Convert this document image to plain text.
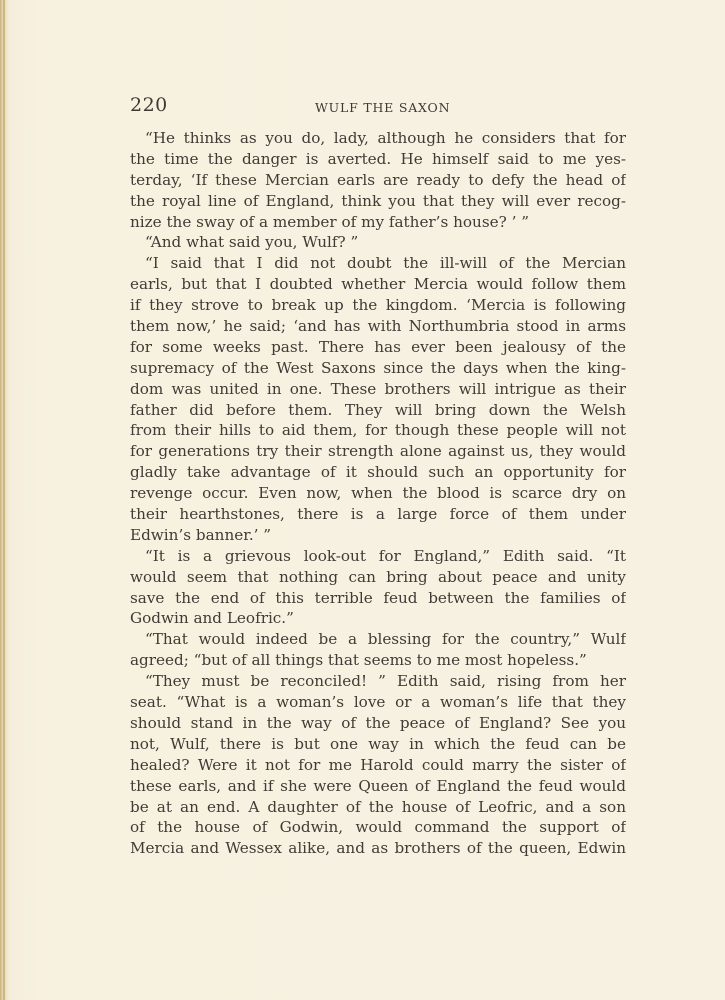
220	WULF THE SAXON
“He thinks as you do, lady, although he considers that for
the time the danger is averted. He himself said to me yes-
terday, ‘If these Mercian earls are ready to defy the head of
the royal line of England, think you that they will ever recog-
nize the sway of a member of my father’s house? ’ ”
“And what said you, Wulf? ”
“I said that I did not doubt the ill-will of the Mercian
earls, but that I doubted whether Mercia would follow them
if they strove to break up the kingdom. ‘Mercia is following
them now,’ he said; ‘and has with Northumbria stood in arms
for some weeks past. There has ever been jealousy of the
supremacy of the West Saxons since the days when the king-
dom was united in one. These brothers will intrigue as their
father did before them. They will bring down the Welsh
from their hills to aid them, for though these people will not
for generations try their strength alone against us, they would
gladly take advantage of it should such an opportunity for
revenge occur. Even now, when the blood is scarce dry on
their hearthstones, there is a large force of them under
Edwin’s banner.’ ”
“It is a grievous look-out for England,” Edith said. “It
would seem that nothing can bring about peace and unity
save the end of this terrible feud between the families of
Godwin and Leofric.”
“That would indeed be a blessing for the country,” Wulf
agreed; “but of all things that seems to me most hopeless.”
“They must be reconciled! ” Edith said, rising from her
seat. “What is a woman’s love or a woman’s life that they
should stand in the way of the peace of England? See you
not, Wulf, there is but one way in which the feud can be
healed? Were it not for me Harold could marry the sister of
these earls, and if she were Queen of England the feud would
be at an end. A daughter of the house of Leofric, and a son
of the house of Godwin, would command the support of
Mercia and Wessex alike, and as brothers of the queen, Edwin
